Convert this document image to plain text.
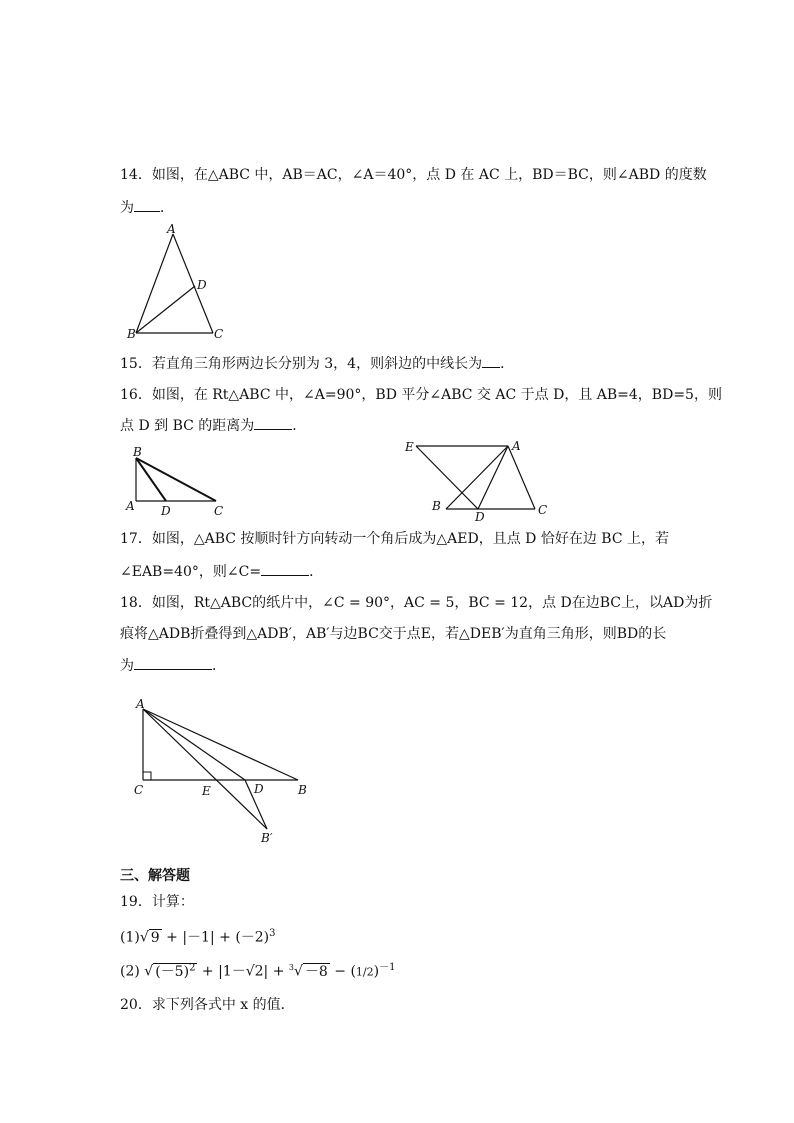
14．如图，在△ABC 中，AB＝AC，∠A＝40°，点 D 在 AC 上，BD＝BC，则∠ABD 的度数
为 ．
A
B	C
D
15．若直角三角形两边长分别为 3，4，则斜边的中线长为 ．
16．如图，在 Rt△ABC 中，∠A=90°，BD 平分∠ABC 交 AC 于点 D，且 AB=4，BD=5，则
点 D 到 BC 的距离为	．
B
A D	C
E	A
B
D	C
17．如图，△ABC 按顺时针方向转动一个角后成为△AED，且点 D 恰好在边 BC 上，若
∠EAB=40°，则∠C=	．
18．如图，Rt△ABC的纸片中，∠C = 90°，AC = 5，BC = 12，点 D在边BC上，以AD为折
痕将△ADB折叠得到△ADB′，AB′与边BC交于点E，若△DEB′为直角三角形，则BD的长
为	．
A
C	E	D	B
B′
三、解答题
19．计算：
(1)√ $9 + |-1| + (-2)^3$
(2) √ $(-5)^2 + |1-√2| + ^3√ -8 - (1/2)^{-1}$
20．求下列各式中 x 的值．
